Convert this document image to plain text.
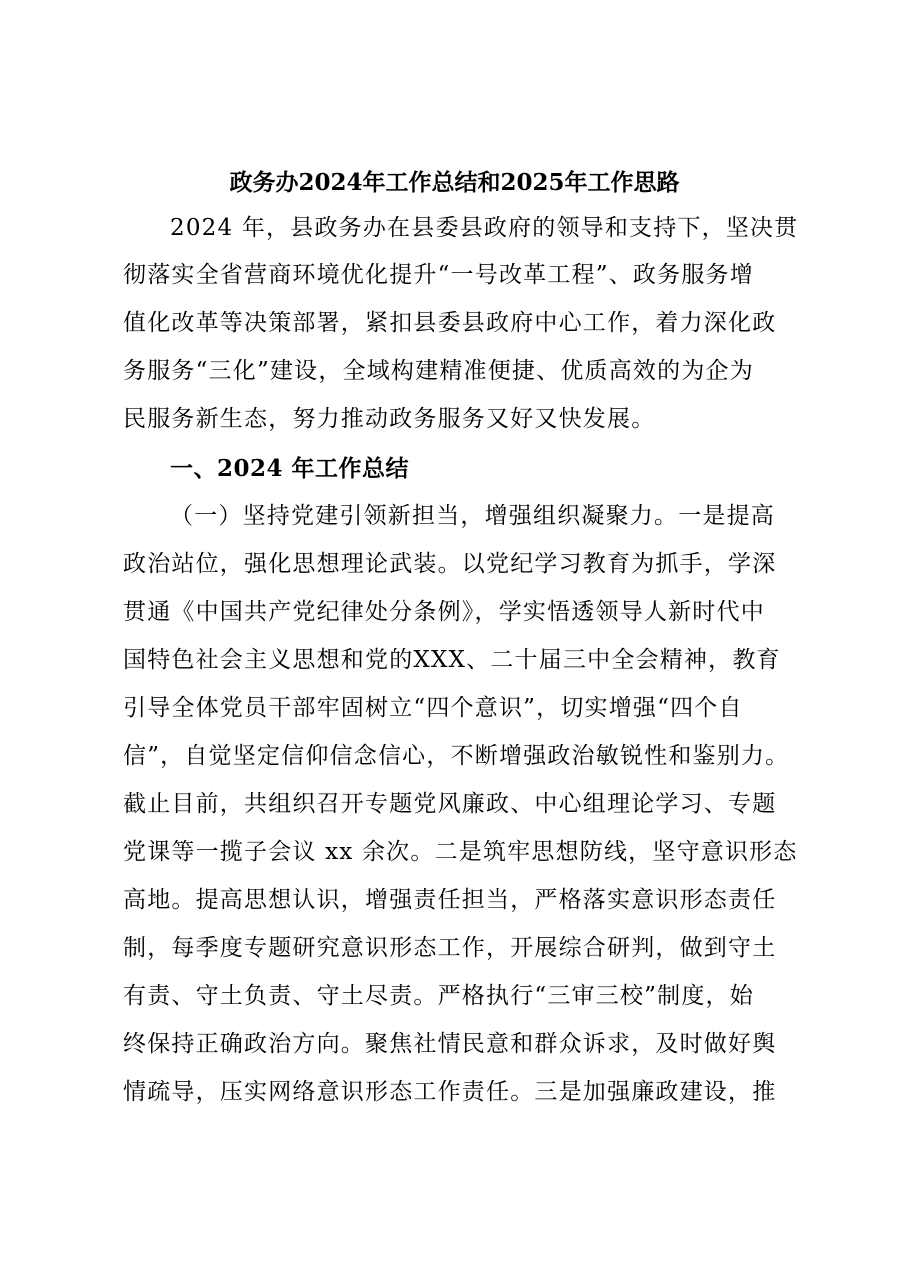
政务办2024年工作总结和2025年工作思路
2024 年，县政务办在县委县政府的领导和支持下，坚决贯
彻落实全省营商环境优化提升“一号改革工程”、政务服务增
值化改革等决策部署，紧扣县委县政府中心工作，着力深化政
务服务“三化”建设，全域构建精准便捷、优质高效的为企为
民服务新生态，努力推动政务服务又好又快发展。
一、2024 年工作总结
（一）坚持党建引领新担当，增强组织凝聚力。一是提高
政治站位，强化思想理论武装。以党纪学习教育为抓手，学深
贯通《中国共产党纪律处分条例》，学实悟透领导人新时代中
国特色社会主义思想和党的XXX、二十届三中全会精神，教育
引导全体党员干部牢固树立“四个意识”，切实增强“四个自
信”，自觉坚定信仰信念信心，不断增强政治敏锐性和鉴别力。
截止目前，共组织召开专题党风廉政、中心组理论学习、专题
党课等一揽子会议 xx 余次。二是筑牢思想防线，坚守意识形态
高地。提高思想认识，增强责任担当，严格落实意识形态责任
制，每季度专题研究意识形态工作，开展综合研判，做到守土
有责、守土负责、守土尽责。严格执行“三审三校”制度，始
终保持正确政治方向。聚焦社情民意和群众诉求，及时做好舆
情疏导，压实网络意识形态工作责任。三是加强廉政建设，推
